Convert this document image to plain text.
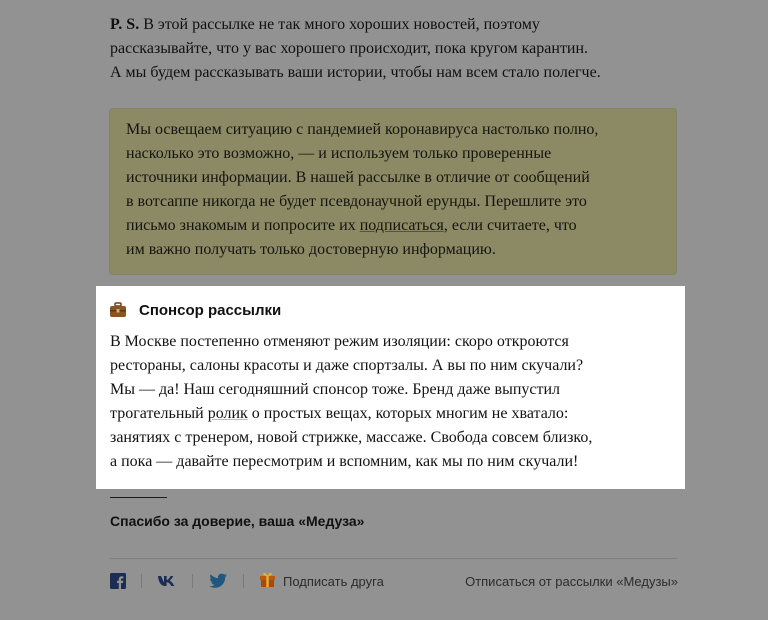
P. S. В этой рассылке не так много хороших новостей, поэтому
рассказывайте, что у вас хорошего происходит, пока кругом карантин.
А мы будем рассказывать ваши истории, чтобы нам всем стало полегче.
Мы освещаем ситуацию с пандемией коронавируса настолько полно,
насколько это возможно, — и используем только проверенные
источники информации. В нашей рассылке в отличие от сообщений
в вотсаппе никогда не будет псевдонаучной ерунды. Перешлите это
письмо знакомым и попросите их подписаться, если считаете, что
им важно получать только достоверную информацию.
Спонсор рассылки
В Москве постепенно отменяют режим изоляции: скоро откроются
рестораны, салоны красоты и даже спортзалы. А вы по ним скучали?
Мы — да! Наш сегодняшний спонсор тоже. Бренд даже выпустил
трогательный ролик о простых вещах, которых многим не хватало:
занятиях с тренером, новой стрижке, массаже. Свобода совсем близко,
а пока — давайте пересмотрим и вспомним, как мы по ним скучали!
Спасибо за доверие, ваша «Медуза»
Подписать друга	Отписаться от рассылки «Медузы»
